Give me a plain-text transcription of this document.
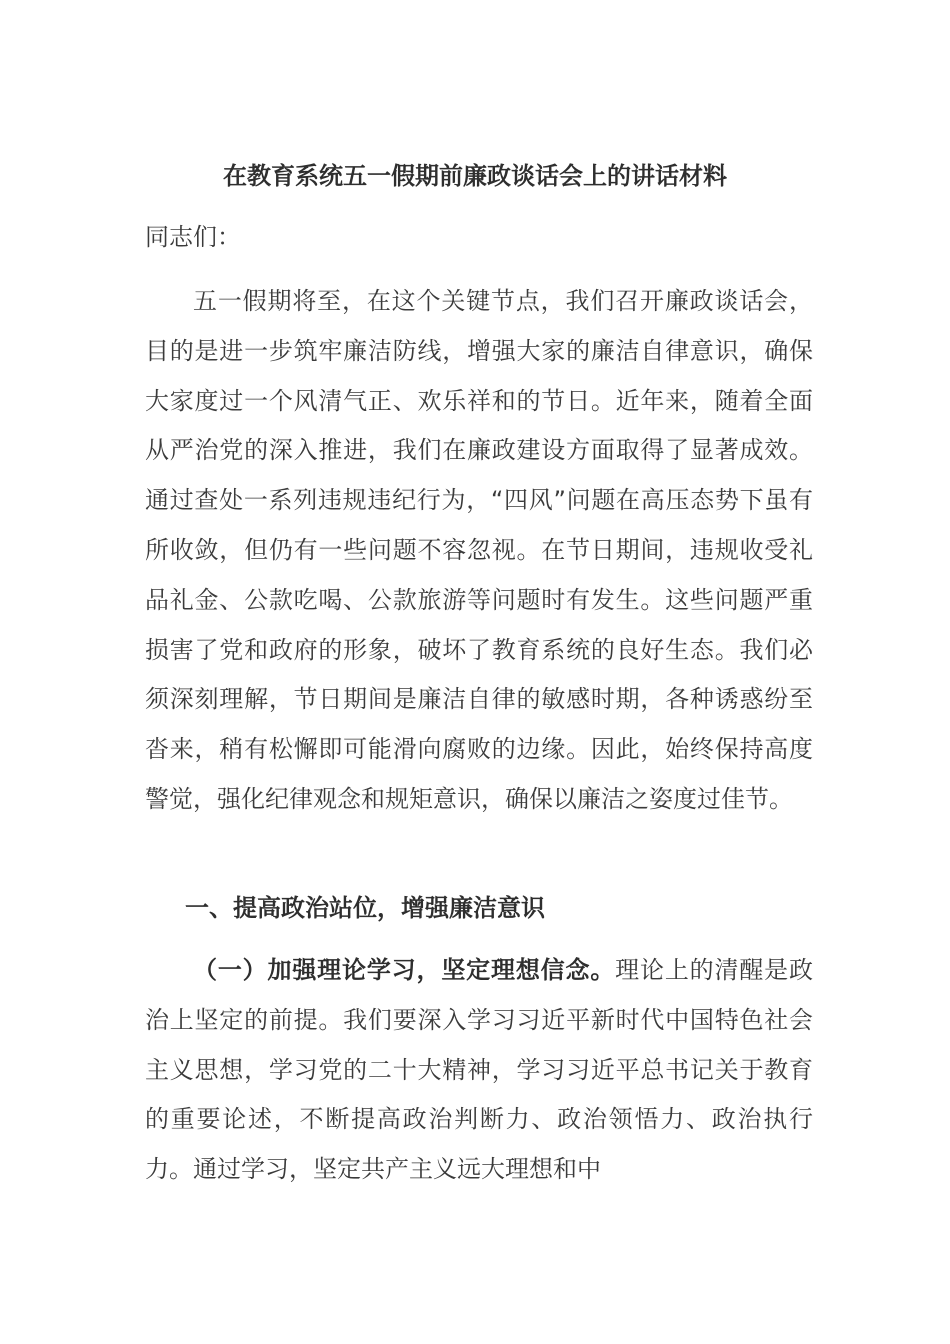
在教育系统五一假期前廉政谈话会上的讲话材料
同志们：

五一假期将至，在这个关键节点，我们召开廉政谈话会，目的是进一步筑牢廉洁防线，增强大家的廉洁自律意识，确保大家度过一个风清气正、欢乐祥和的节日。近年来，随着全面从严治党的深入推进，我们在廉政建设方面取得了显著成效。通过查处一系列违规违纪行为，“四风”问题在高压态势下虽有所收敛，但仍有一些问题不容忽视。在节日期间，违规收受礼品礼金、公款吃喝、公款旅游等问题时有发生。这些问题严重损害了党和政府的形象，破坏了教育系统的良好生态。我们必须深刻理解，节日期间是廉洁自律的敏感时期，各种诱惑纷至沓来，稍有松懈即可能滑向腐败的边缘。因此，始终保持高度警觉，强化纪律观念和规矩意识，确保以廉洁之姿度过佳节。

一、提高政治站位，增强廉洁意识

（一）加强理论学习，坚定理想信念。理论上的清醒是政治上坚定的前提。我们要深入学习习近平新时代中国特色社会主义思想，学习党的二十大精神，学习习近平总书记关于教育的重要论述，不断提高政治判断力、政治领悟力、政治执行力。通过学习，坚定共产主义远大理想和中
